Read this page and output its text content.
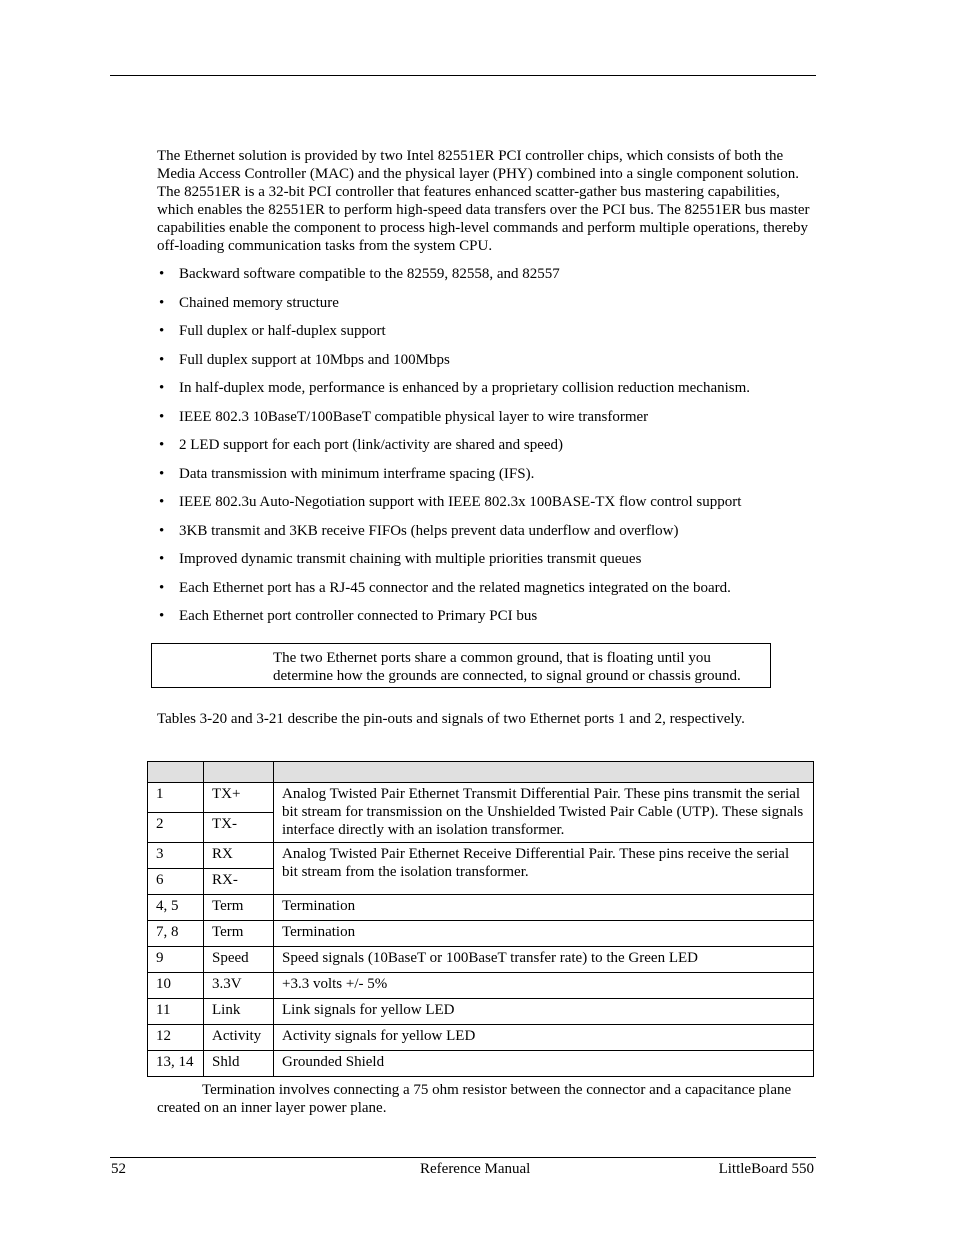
The Ethernet solution is provided by two Intel 82551ER PCI controller chips, which consists of both the Media Access Controller (MAC) and the physical layer (PHY) combined into a single component solution. The 82551ER is a 32-bit PCI controller that features enhanced scatter-gather bus mastering capabilities, which enables the 82551ER to perform high-speed data transfers over the PCI bus. The 82551ER bus master capabilities enable the component to process high-level commands and perform multiple operations, thereby off-loading communication tasks from the system CPU.

• Backward software compatible to the 82559, 82558, and 82557
• Chained memory structure
• Full duplex or half-duplex support
• Full duplex support at 10Mbps and 100Mbps
• In half-duplex mode, performance is enhanced by a proprietary collision reduction mechanism.
• IEEE 802.3 10BaseT/100BaseT compatible physical layer to wire transformer
• 2 LED support for each port (link/activity are shared and speed)
• Data transmission with minimum interframe spacing (IFS).
• IEEE 802.3u Auto-Negotiation support with IEEE 802.3x 100BASE-TX flow control support
• 3KB transmit and 3KB receive FIFOs (helps prevent data underflow and overflow)
• Improved dynamic transmit chaining with multiple priorities transmit queues
• Each Ethernet port has a RJ-45 connector and the related magnetics integrated on the board.
• Each Ethernet port controller connected to Primary PCI bus
The two Ethernet ports share a common ground, that is floating until you determine how the grounds are connected, to signal ground or chassis ground.

Tables 3-20 and 3-21 describe the pin-outs and signals of two Ethernet ports 1 and 2, respectively.

1	TX+	Analog Twisted Pair Ethernet Transmit Differential Pair. These pins transmit the serial bit stream for transmission on the Unshielded Twisted Pair Cable (UTP). These signals interface directly with an isolation transformer.
2	TX-	
3	RX	Analog Twisted Pair Ethernet Receive Differential Pair. These pins receive the serial bit stream from the isolation transformer.
6	RX-	
4, 5	Term	Termination
7, 8	Term	Termination
9	Speed	Speed signals (10BaseT or 100BaseT transfer rate) to the Green LED
10	3.3V	+3.3 volts +/- 5%
11	Link	Link signals for yellow LED
12	Activity	Activity signals for yellow LED
13, 14	Shld	Grounded Shield

Termination involves connecting a 75 ohm resistor between the connector and a capacitance plane created on an inner layer power plane.

52	Reference Manual	LittleBoard 550
